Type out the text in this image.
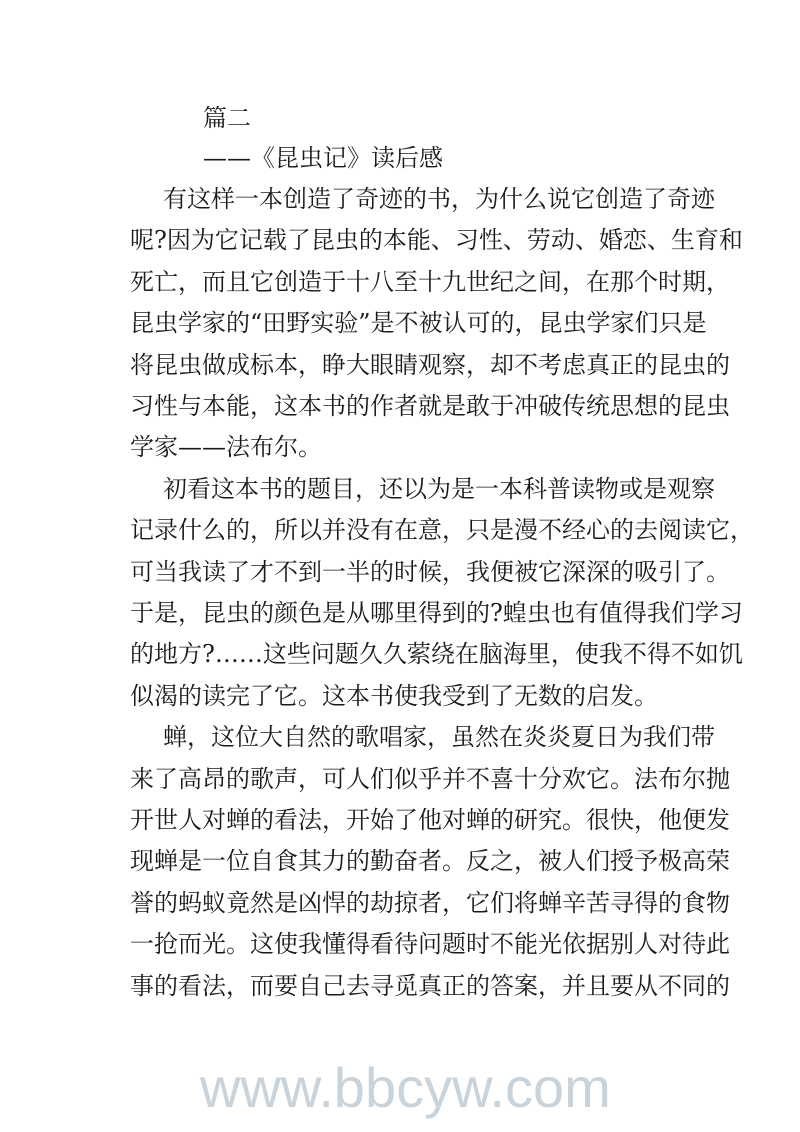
篇二
——《昆虫记》读后感
有这样一本创造了奇迹的书，为什么说它创造了奇迹
呢?因为它记载了昆虫的本能、习性、劳动、婚恋、生育和
死亡，而且它创造于十八至十九世纪之间，在那个时期，
昆虫学家的“田野实验”是不被认可的，昆虫学家们只是
将昆虫做成标本，睁大眼睛观察，却不考虑真正的昆虫的
习性与本能，这本书的作者就是敢于冲破传统思想的昆虫
学家——法布尔。
初看这本书的题目，还以为是一本科普读物或是观察
记录什么的，所以并没有在意，只是漫不经心的去阅读它，
可当我读了才不到一半的时候，我便被它深深的吸引了。
于是，昆虫的颜色是从哪里得到的?蝗虫也有值得我们学习
的地方?……这些问题久久萦绕在脑海里，使我不得不如饥
似渴的读完了它。这本书使我受到了无数的启发。
蝉，这位大自然的歌唱家，虽然在炎炎夏日为我们带
来了高昂的歌声，可人们似乎并不喜十分欢它。法布尔抛
开世人对蝉的看法，开始了他对蝉的研究。很快，他便发
现蝉是一位自食其力的勤奋者。反之，被人们授予极高荣
誉的蚂蚁竟然是凶悍的劫掠者，它们将蝉辛苦寻得的食物
一抢而光。这使我懂得看待问题时不能光依据别人对待此
事的看法，而要自己去寻觅真正的答案，并且要从不同的
www.bbcyw.com
